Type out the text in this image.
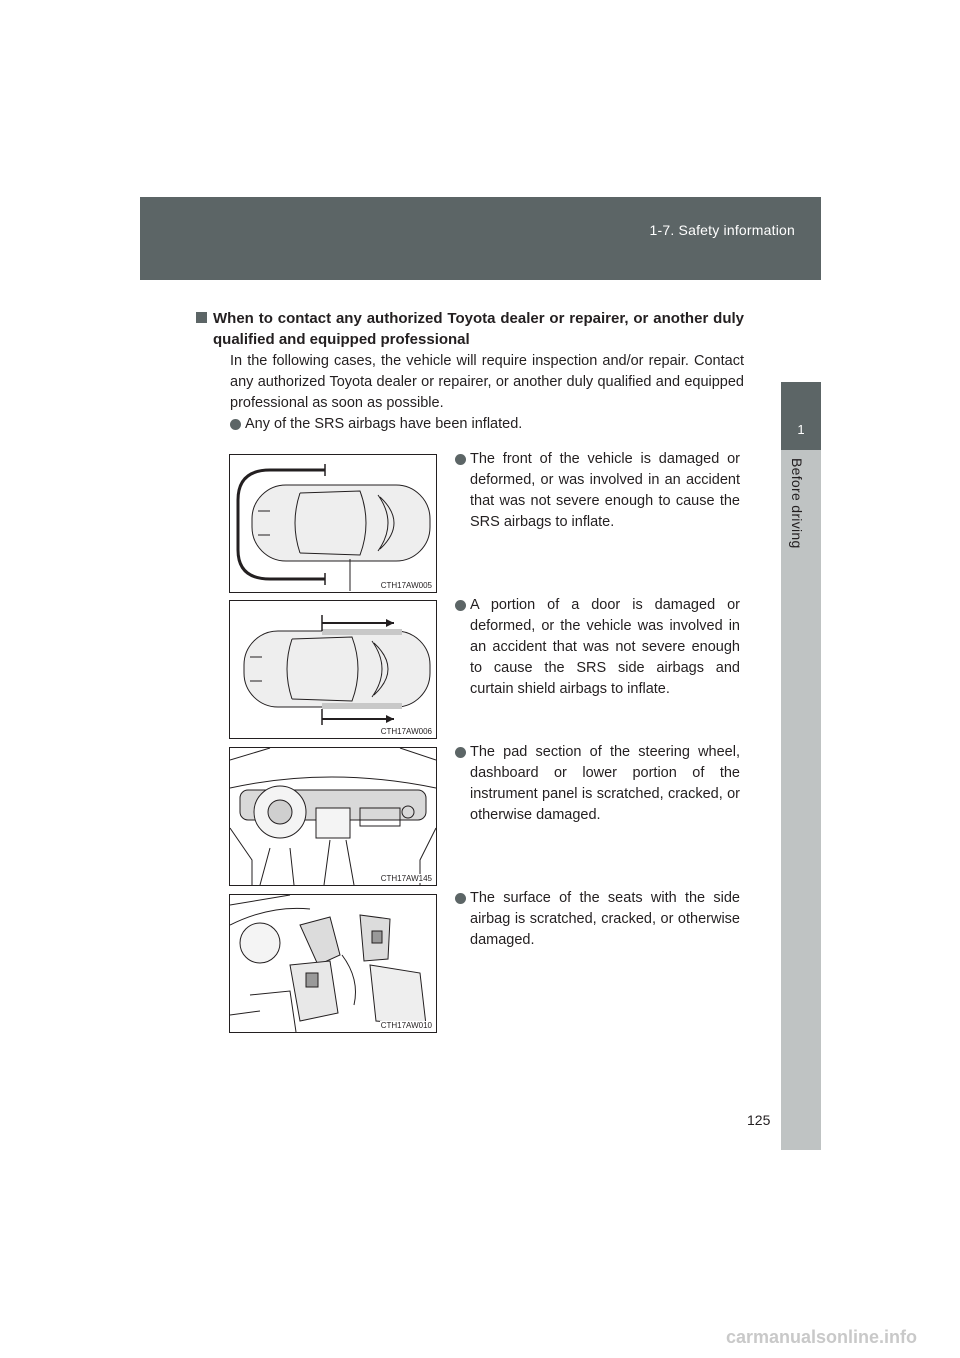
1-7. Safety information
1
Before driving
When to contact any authorized Toyota dealer or repairer, or another duly qualified and equipped professional
In the following cases, the vehicle will require inspection and/or repair. Contact any authorized Toyota dealer or repairer, or another duly qualified and equipped professional as soon as possible.
Any of the SRS airbags have been inflated.
The front of the vehicle is damaged or deformed, or was involved in an accident that was not severe enough to cause the SRS airbags to inflate.
A portion of a door is damaged or deformed, or the vehicle was involved in an accident that was not severe enough to cause the SRS side airbags and curtain shield airbags to inflate.
The pad section of the steering wheel, dashboard or lower portion of the instrument panel is scratched, cracked, or otherwise damaged.
The surface of the seats with the side airbag is scratched, cracked, or otherwise damaged.
CTH17AW005
CTH17AW006
CTH17AW145
CTH17AW010
125
carmanualsonline.info
